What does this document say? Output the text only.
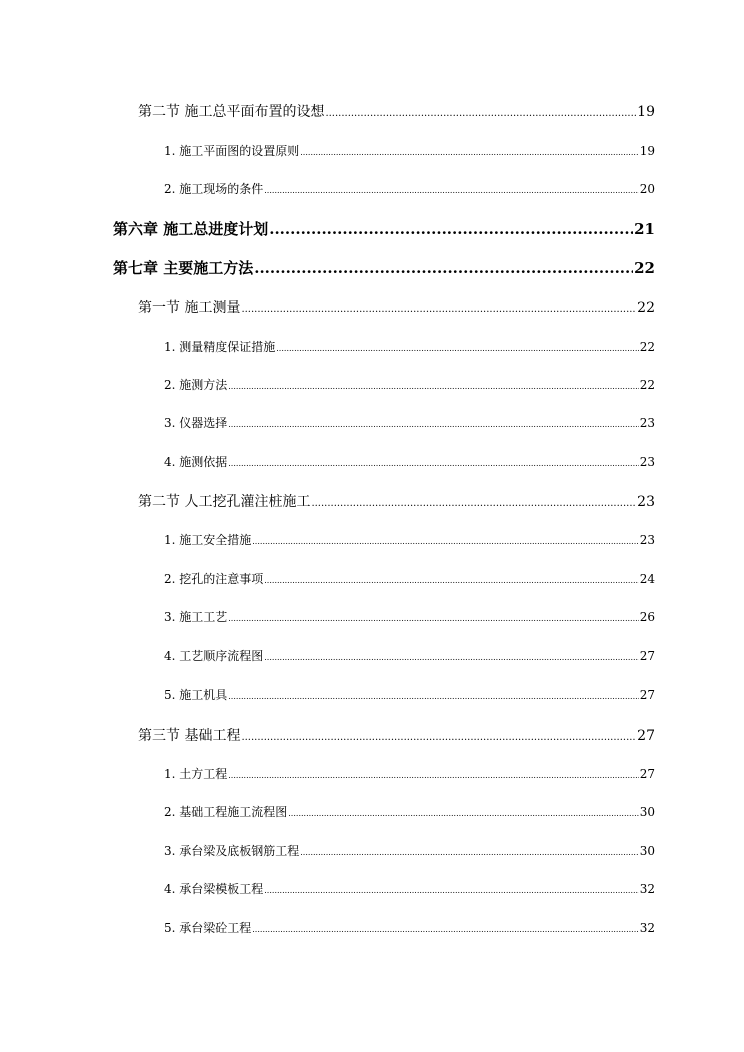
第二节 施工总平面布置的设想 .....	19
1. 施工平面图的设置原则 .....	19
2. 施工现场的条件 .....	20
第六章 施工总进度计划 .....	21
第七章 主要施工方法 .....	22
第一节 施工测量 .....	22
1. 测量精度保证措施 .....	22
2. 施测方法 .....	22
3. 仪器选择 .....	23
4. 施测依据 .....	23
第二节 人工挖孔灌注桩施工 .....	23
1. 施工安全措施 .....	23
2. 挖孔的注意事项 .....	24
3. 施工工艺 .....	26
4. 工艺顺序流程图 .....	27
5. 施工机具 .....	27
第三节 基础工程 .....	27
1. 土方工程 .....	27
2. 基础工程施工流程图 .....	30
3. 承台梁及底板钢筋工程 .....	30
4. 承台梁模板工程 .....	32
5. 承台梁砼工程 .....	32
